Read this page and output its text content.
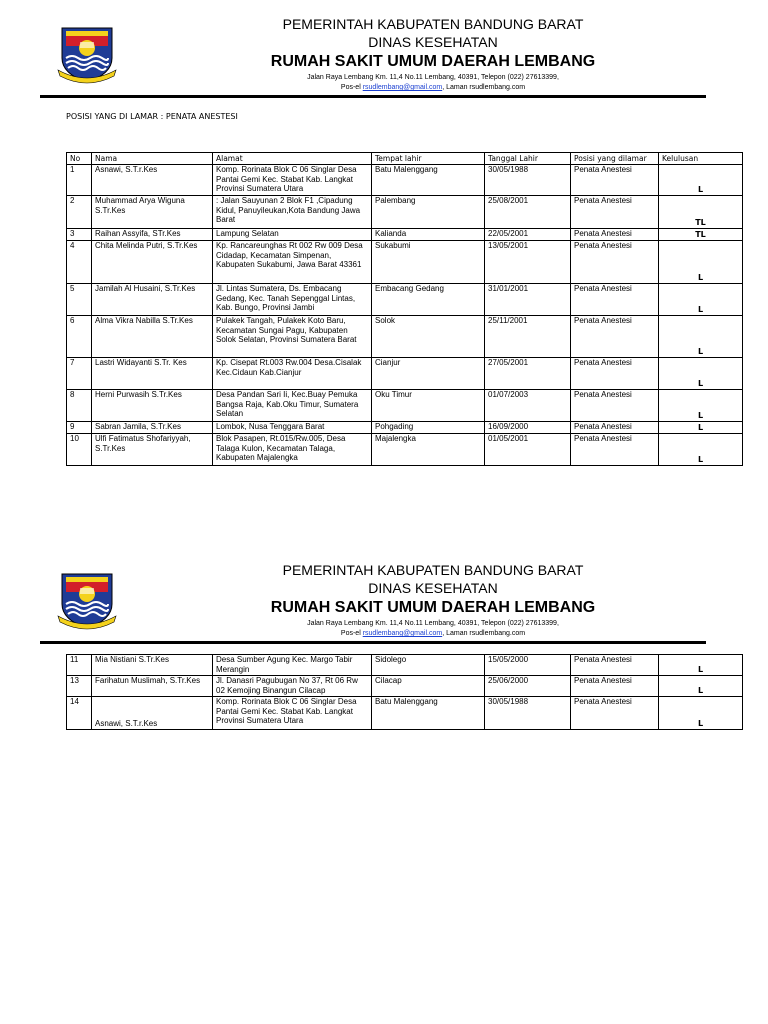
PEMERINTAH KABUPATEN BANDUNG BARAT
DINAS KESEHATAN
RUMAH SAKIT UMUM DAERAH LEMBANG
Jalan Raya Lembang Km. 11,4 No.11 Lembang, 40391, Telepon (022) 27613399,
Pos-el rsudlembang@gmail.com, Laman rsudlembang.com
POSISI YANG DI LAMAR : PENATA ANESTESI
No	Nama	Alamat	Tempat lahir	Tanggal Lahir	Posisi yang dilamar	Kelulusan
1	Asnawi, S.T.r.Kes	Komp. Rorinata Blok C 06 Singlar Desa Pantai Gemi Kec. Stabat Kab. Langkat Provinsi Sumatera Utara	Batu Malenggang	30/05/1988	Penata Anestesi	L
2	Muhammad Arya Wiguna S.Tr.Kes	: Jalan Sauyunan 2 Blok F1 ,Cipadung Kidul, Panuyileukan,Kota Bandung Jawa Barat	Palembang	25/08/2001	Penata Anestesi	TL
3	Raihan Assyifa, STr.Kes	Lampung Selatan	Kalianda	22/05/2001	Penata Anestesi	TL
4	Chita Melinda Putri, S.Tr.Kes	Kp. Rancareunghas Rt 002 Rw 009 Desa Cidadap, Kecamatan Simpenan, Kabupaten Sukabumi, Jawa Barat 43361	Sukabumi	13/05/2001	Penata Anestesi	L
5	Jamilah Al Husaini, S.Tr.Kes	Jl. Lintas Sumatera, Ds. Embacang Gedang, Kec. Tanah Sepenggal Lintas, Kab. Bungo, Provinsi Jambi	Embacang Gedang	31/01/2001	Penata Anestesi	L
6	Alma Vikra Nabilla S.Tr.Kes	Pulakek Tangah, Pulakek Koto Baru, Kecamatan Sungai Pagu, Kabupaten Solok Selatan, Provinsi Sumatera Barat	Solok	25/11/2001	Penata Anestesi	L
7	Lastri Widayanti S.Tr. Kes	Kp. Cisepat Rt.003 Rw.004 Desa.Cisalak Kec.Cidaun Kab.Cianjur	Cianjur	27/05/2001	Penata Anestesi	L
8	Herni Purwasih S.Tr.Kes	Desa Pandan Sari Ii, Kec.Buay Pemuka Bangsa Raja, Kab.Oku Timur, Sumatera Selatan	Oku Timur	01/07/2003	Penata Anestesi	L
9	Sabran Jamila, S.Tr.Kes	Lombok, Nusa Tenggara Barat	Pohgading	16/09/2000	Penata Anestesi	L
10	Ulfi Fatimatus Shofariyyah, S.Tr.Kes	Blok Pasapen, Rt.015/Rw.005, Desa Talaga Kulon, Kecamatan Talaga, Kabupaten Majalengka	Majalengka	01/05/2001	Penata Anestesi	L
PEMERINTAH KABUPATEN BANDUNG BARAT
DINAS KESEHATAN
RUMAH SAKIT UMUM DAERAH LEMBANG
Jalan Raya Lembang Km. 11,4 No.11 Lembang, 40391, Telepon (022) 27613399,
Pos-el rsudlembang@gmail.com, Laman rsudlembang.com
11	Mia Nistiani S.Tr.Kes	Desa Sumber Agung Kec. Margo Tabir Merangin	Sidolego	15/05/2000	Penata Anestesi	L
13	Farihatun Muslimah, S.Tr.Kes	Jl. Danasri Pagubugan No 37, Rt 06 Rw 02 Kemojing Binangun Cilacap	Cilacap	25/06/2000	Penata Anestesi	L
14	Asnawi, S.T.r.Kes	Komp. Rorinata Blok C 06 Singlar Desa Pantai Gemi Kec. Stabat Kab. Langkat Provinsi Sumatera Utara	Batu Malenggang	30/05/1988	Penata Anestesi	L
